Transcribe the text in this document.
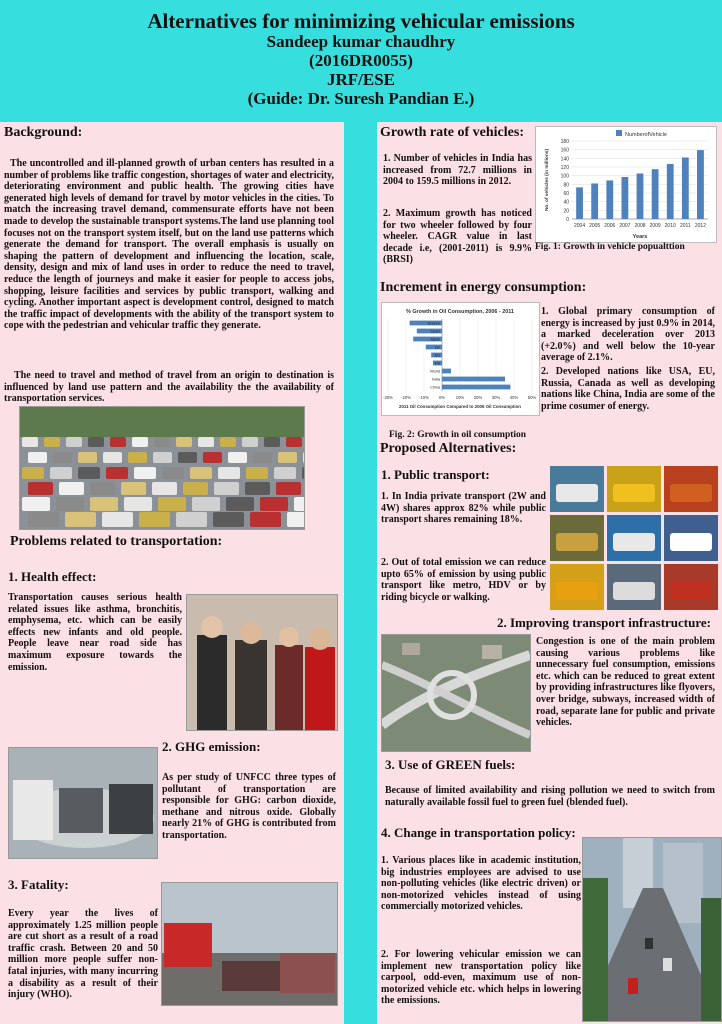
Alternatives for minimizing vehicular emissions
Sandeep kumar chaudhry
(2016DR0055)
JRF/ESE
(Guide: Dr. Suresh Pandian E.)
Background:
The uncontrolled and ill-planned growth of urban centers has resulted in a number of problems like traffic congestion, shortages of water and electricity, deteriorating environment and public health. The growing cities have generated high levels of demand for travel by motor vehicles in the cities. To match the increasing travel demand, commensurate efforts have not been made to develop the sustainable transport systems.The land use planning tool focuses not on the transport system itself, but on the land use patterns which generate the demand for transport. The overall emphasis is usually on shaping the pattern of development and influencing the location, scale, density, design and mix of land uses in order to reduce the need to travel, reduce the length of journeys and make it easier for people to access jobs, shopping, leisure facilities and services by public transport, walking and cycling. Another important aspect is development control, designed to match the traffic impact of developments with the ability of the transport system to cope with the pedestrian and vehicular traffic they generate.
The need to travel and method of travel from an origin to destination is influenced by land use pattern and the availability the the availability of transportation services.
Problems related to transportation:
1. Health effect:
Transportation causes serious health related issues like asthma, bronchitis, emphysema, etc. which can be easily effects new infants and old people. People leave near road side has maximum exposure towards the emission.
2. GHG emission:
As per study of UNFCC three types of pollutant of transportation are responsible for GHG: carbon dioxide, methane and nitrous oxide. Globally nearly 21% of GHG is contributed from transportation.
3. Fatality:
Every year the lives of approximately 1.25 million people are cut short as a result of a road traffic crash. Between 20 and 50 million more people suffer non-fatal injuries, with many incurring a disability as a result of their injury (WHO).
Growth rate of vehicles:
1. Number of vehicles in India has increased from 72.7 millions in 2004 to 159.5 millions in 2012.
2. Maximum growth has noticed for two wheeler followed by four wheeler. CAGR value in last decade i.e, (2001-2011) is 9.9% (BRSI)
NumberofVehicle
0
20
40
60
80
100
120
140
160
180
2004 2005 2006 2007 2008 2009 2010 2011 2012
Years
No. of vehicles (in millions)
Fig. 1: Growth in vehicle popualttion
Increment in energy consumption:
% Growth in Oil Consumption, 2006 - 2011
-30% -20% -10% 0%	10% 20% 30% 40% 50%
Greece
Spain
Japan
UK
EU
US
World
India
China
2011 Oil Consumption Compared to 2006 Oil Consumption
1. Global primary consumption of energy is increased by just 0.9% in 2014, a marked deceleration over 2013 (+2.0%) and well below the 10-year average of 2.1%.
2. Developed nations like USA, EU, Russia, Canada as well as developing nations like China, India are some of the prime cosumer of energy.
Fig. 2: Growth in oil consumption
Proposed Alternatives:
1. Public transport:
1. In India private transport (2W and 4W) shares approx 82% while public transport shares remaining 18%.
2. Out of total emission we can reduce upto 65% of emission by using public transport like metro, HDV or by riding bicycle or walking.
2. Improving transport infrastructure:
Congestion is one of the main problem causing various problems like unnecessary fuel consumption, emissions etc. which can be reduced to great extent by providing infrastructures like flyovers, over bridge, subways, increased width of road, separate lane for public and private vehicles.
3. Use of GREEN fuels:
Because of limited availability and rising pollution we need to switch from naturally available fossil fuel to green fuel (blended fuel).
4. Change in transportation policy:
1. Various places like in academic institution, big industries employees are advised to use non-polluting vehicles (like electric driven) or non-motorized vehicles instead of using commercially motorized vehicles.
2. For lowering vehicular emission we can implement new transportation policy like carpool, odd-even, maximum use of non-motorized vehicle etc. which helps in lowering the emissions.
